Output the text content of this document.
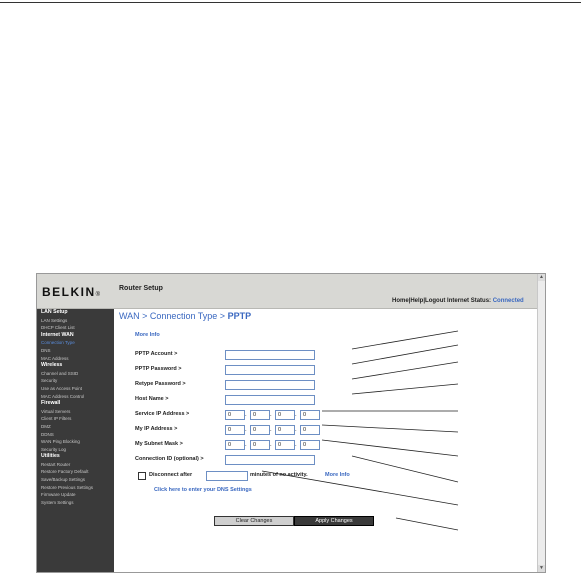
BELKIN®
Router Setup
Home|Help|Logout Internet Status: Connected
LAN Setup
LAN Settings
DHCP Client List
Internet WAN
Connection Type
DNS
MAC Address
Wireless
Channel and SSID
Security
Use as Access Point
MAC Address Control
Firewall
Virtual Servers
Client IP Filters
DMZ
DDNS
WAN Ping Blocking
Security Log
Utilities
Restart Router
Restore Factory Default
Save/Backup Settings
Restore Previous Settings
Firmware Update
System Settings
WAN > Connection Type > PPTP
More Info
PPTP Account >
PPTP Password >
Retype Password >
Host Name >
Service IP Address >	0	.	0	.	0	.	0
My IP Address >	0	.	0	.	0	.	0
My Subnet Mask >	0	.	0	.	0	.	0
Connection ID (optional) >
Disconnect after	minutes of no activity.	More Info
Click here to enter your DNS Settings
Clear Changes	Apply Changes
▲
▼
